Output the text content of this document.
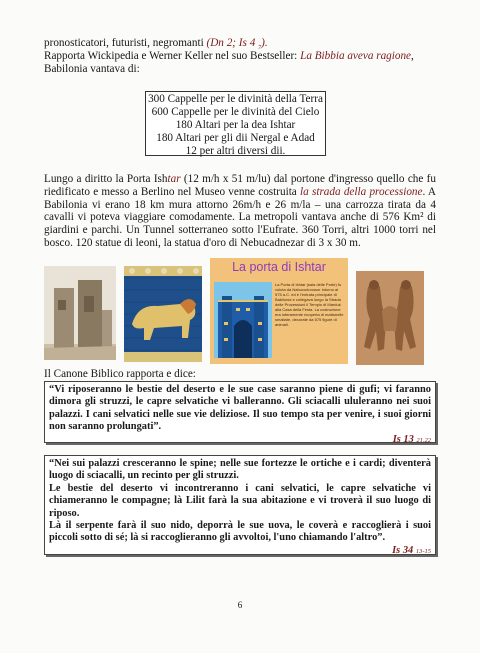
pronosticatori, futuristi, negromanti (Dn 2; Is 4 $_7$).
Rapporta Wickipedia e Werner Keller nel suo Bestseller: La Bibbia aveva ragione,
Babilonia vantava di:
300 Cappelle per le divinità della Terra
600 Cappelle per le divinità del Cielo
180 Altari per la dea Ishtar
180 Altari per gli dii Nergal e Adad
12 per altri diversi dii.
Lungo a diritto la Porta Ishtar (12 m/h x 51 m/lu) dal portone d'ingresso quello che fu riedificato e messo a Berlino nel Museo venne costruita la strada della processione. A Babilonia vi erano 18 km mura attorno 26m/h e 26 m/la – una carrozza tirata da 4 cavalli vi poteva viaggiare comodamente. La metropoli vantava anche di 576 Km² di giardini e parchi. Un Tunnel sotterraneo sotto l'Eufrate. 360 Torri, altri 1000 torri nel bosco. 120 statue di leoni, la statua d'oro di Nebucadnezar di 3 x 30 m.
La porta di Ishtar
La Porta di Ishtar (sala delle Porte) fu voluta da Nabucodonosor intorno al 575 a.C. ed è l'entrata principale di Babilonia e collegava lungo la Strada delle Processioni il Tempio di Marduk alla Casa della Festa. La costruzione era interamente ricoperta di mattonelle smaltate, decorate da 575 figure di animali.
Il Canone Biblico rapporta e dice:
“Vi riposeranno le bestie del deserto e le sue case saranno piene di gufi; vi faranno dimora gli struzzi, le capre selvatiche vi balleranno. Gli sciacalli ululeranno nei suoi palazzi. I cani selvatici nelle sue vie deliziose. Il suo tempo sta per venire, i suoi giorni non saranno prolungati”.
Is 13 21.22
“Nei sui palazzi cresceranno le spine; nelle sue fortezze le ortiche e i cardi; diventerà luogo di sciacalli, un recinto per gli struzzi.
Le bestie del deserto vi incontreranno i cani selvatici, le capre selvatiche vi chiameranno le compagne; là Lilit farà la sua abitazione e vi troverà il suo luogo di riposo.
Là il serpente farà il suo nido, deporrà le sue uova, le coverà e raccoglierà i suoi piccoli sotto di sé; là si raccoglieranno gli avvoltoi, l'uno chiamando l'altro”.
Is 34 13-15
6
